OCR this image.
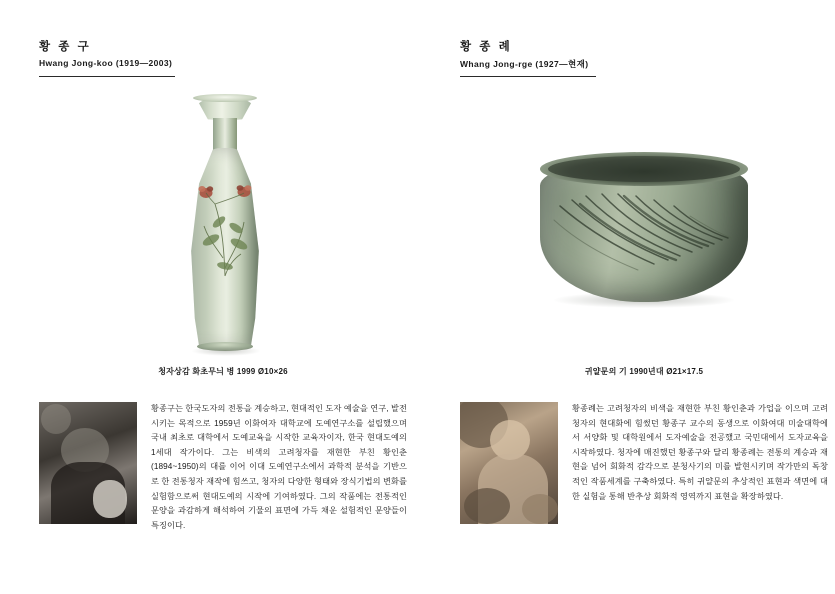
황 종 구
Hwang Jong-koo (1919—2003)
청자상감 화초무늬 병 1999 Ø10×26
황종구는 한국도자의 전통을 계승하고, 현대적인 도자 예술을 연구, 발전시키는 목적으로 1959년 이화여자 대학교에 도예연구소를 설립했으며 국내 최초로 대학에서 도예교육을 시작한 교육자이자, 한국 현대도예의 1세대 작가이다. 그는 비색의 고려청자를 재현한 부친 황인춘(1894~1950)의 대를 이어 이대 도예연구소에서 과학적 분석을 기반으로 한 전통청자 재작에 힘쓰고, 청자의 다양한 형태와 장식기법의 변화를 실험함으로써 현대도예의 시작에 기여하였다. 그의 작품에는 전통적인 문양을 과감하게 해석하여 기물의 표면에 가득 채운 설험적인 문양들이 특징이다.
황 종 례
Whang Jong-rge (1927—현재)
귀얄문의 기 1990년대 Ø21×17.5
황종례는 고려청자의 비색을 재현한 부친 황인춘과 가업을 이으며 고려청자의 현대화에 힘썼던 황종구 교수의 동생으로 이화여대 미술대학에서 서양화 및 대학원에서 도자예술을 전공했고 국민대에서 도자교육을 시작하였다. 청자에 매진했던 황종구와 달리 황종례는 전통의 계승과 재현을 넘어 회화적 감각으로 분청사기의 미를 발현시키며 작가만의 독창적인 작품세계를 구축하였다. 특히 귀얄문의 추상적인 표현과 색면에 대한 실험을 통해 반추상 회화적 영역까지 표현을 확장하였다.
